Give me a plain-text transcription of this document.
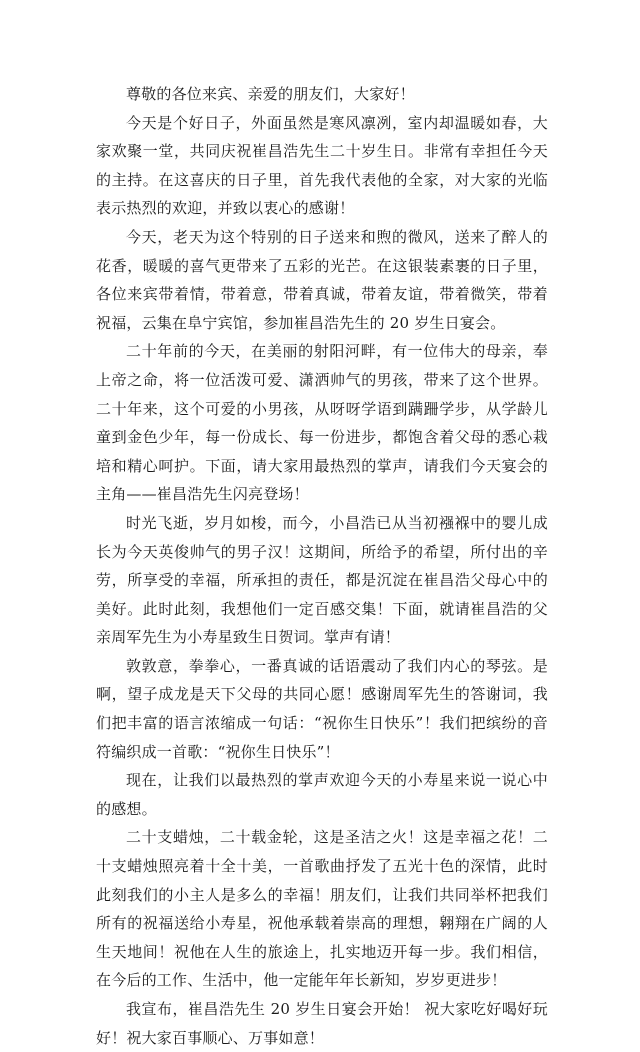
尊敬的各位来宾、亲爱的朋友们，大家好！

今天是个好日子，外面虽然是寒风凛冽，室内却温暖如春，大家欢聚一堂，共同庆祝崔昌浩先生二十岁生日。非常有幸担任今天的主持。在这喜庆的日子里，首先我代表他的全家，对大家的光临表示热烈的欢迎，并致以衷心的感谢！

今天，老天为这个特别的日子送来和煦的微风，送来了醉人的花香，暖暖的喜气更带来了五彩的光芒。在这银装素裹的日子里，各位来宾带着情，带着意，带着真诚，带着友谊，带着微笑，带着祝福，云集在阜宁宾馆，参加崔昌浩先生的 20 岁生日宴会。

二十年前的今天，在美丽的射阳河畔，有一位伟大的母亲，奉上帝之命，将一位活泼可爱、潇洒帅气的男孩，带来了这个世界。二十年来，这个可爱的小男孩，从呀呀学语到蹒跚学步，从学龄儿童到金色少年，每一份成长、每一份进步，都饱含着父母的悉心栽培和精心呵护。下面，请大家用最热烈的掌声，请我们今天宴会的主角——崔昌浩先生闪亮登场！

时光飞逝，岁月如梭，而今，小昌浩已从当初襁褓中的婴儿成长为今天英俊帅气的男子汉！这期间，所给予的希望，所付出的辛劳，所享受的幸福，所承担的责任，都是沉淀在崔昌浩父母心中的美好。此时此刻，我想他们一定百感交集！下面，就请崔昌浩的父亲周军先生为小寿星致生日贺词。掌声有请！

敦敦意，拳拳心，一番真诚的话语震动了我们内心的琴弦。是啊，望子成龙是天下父母的共同心愿！感谢周军先生的答谢词，我们把丰富的语言浓缩成一句话：“祝你生日快乐”！我们把缤纷的音符编织成一首歌：“祝你生日快乐”！

现在，让我们以最热烈的掌声欢迎今天的小寿星来说一说心中的感想。

二十支蜡烛，二十载金轮，这是圣洁之火！这是幸福之花！二十支蜡烛照亮着十全十美，一首歌曲抒发了五光十色的深情，此时此刻我们的小主人是多么的幸福！朋友们，让我们共同举杯把我们所有的祝福送给小寿星，祝他承载着崇高的理想，翱翔在广阔的人生天地间！祝他在人生的旅途上，扎实地迈开每一步。我们相信，在今后的工作、生活中，他一定能年年长新知，岁岁更进步！

我宣布，崔昌浩先生 20 岁生日宴会开始！ 祝大家吃好喝好玩好！祝大家百事顺心、万事如意！
